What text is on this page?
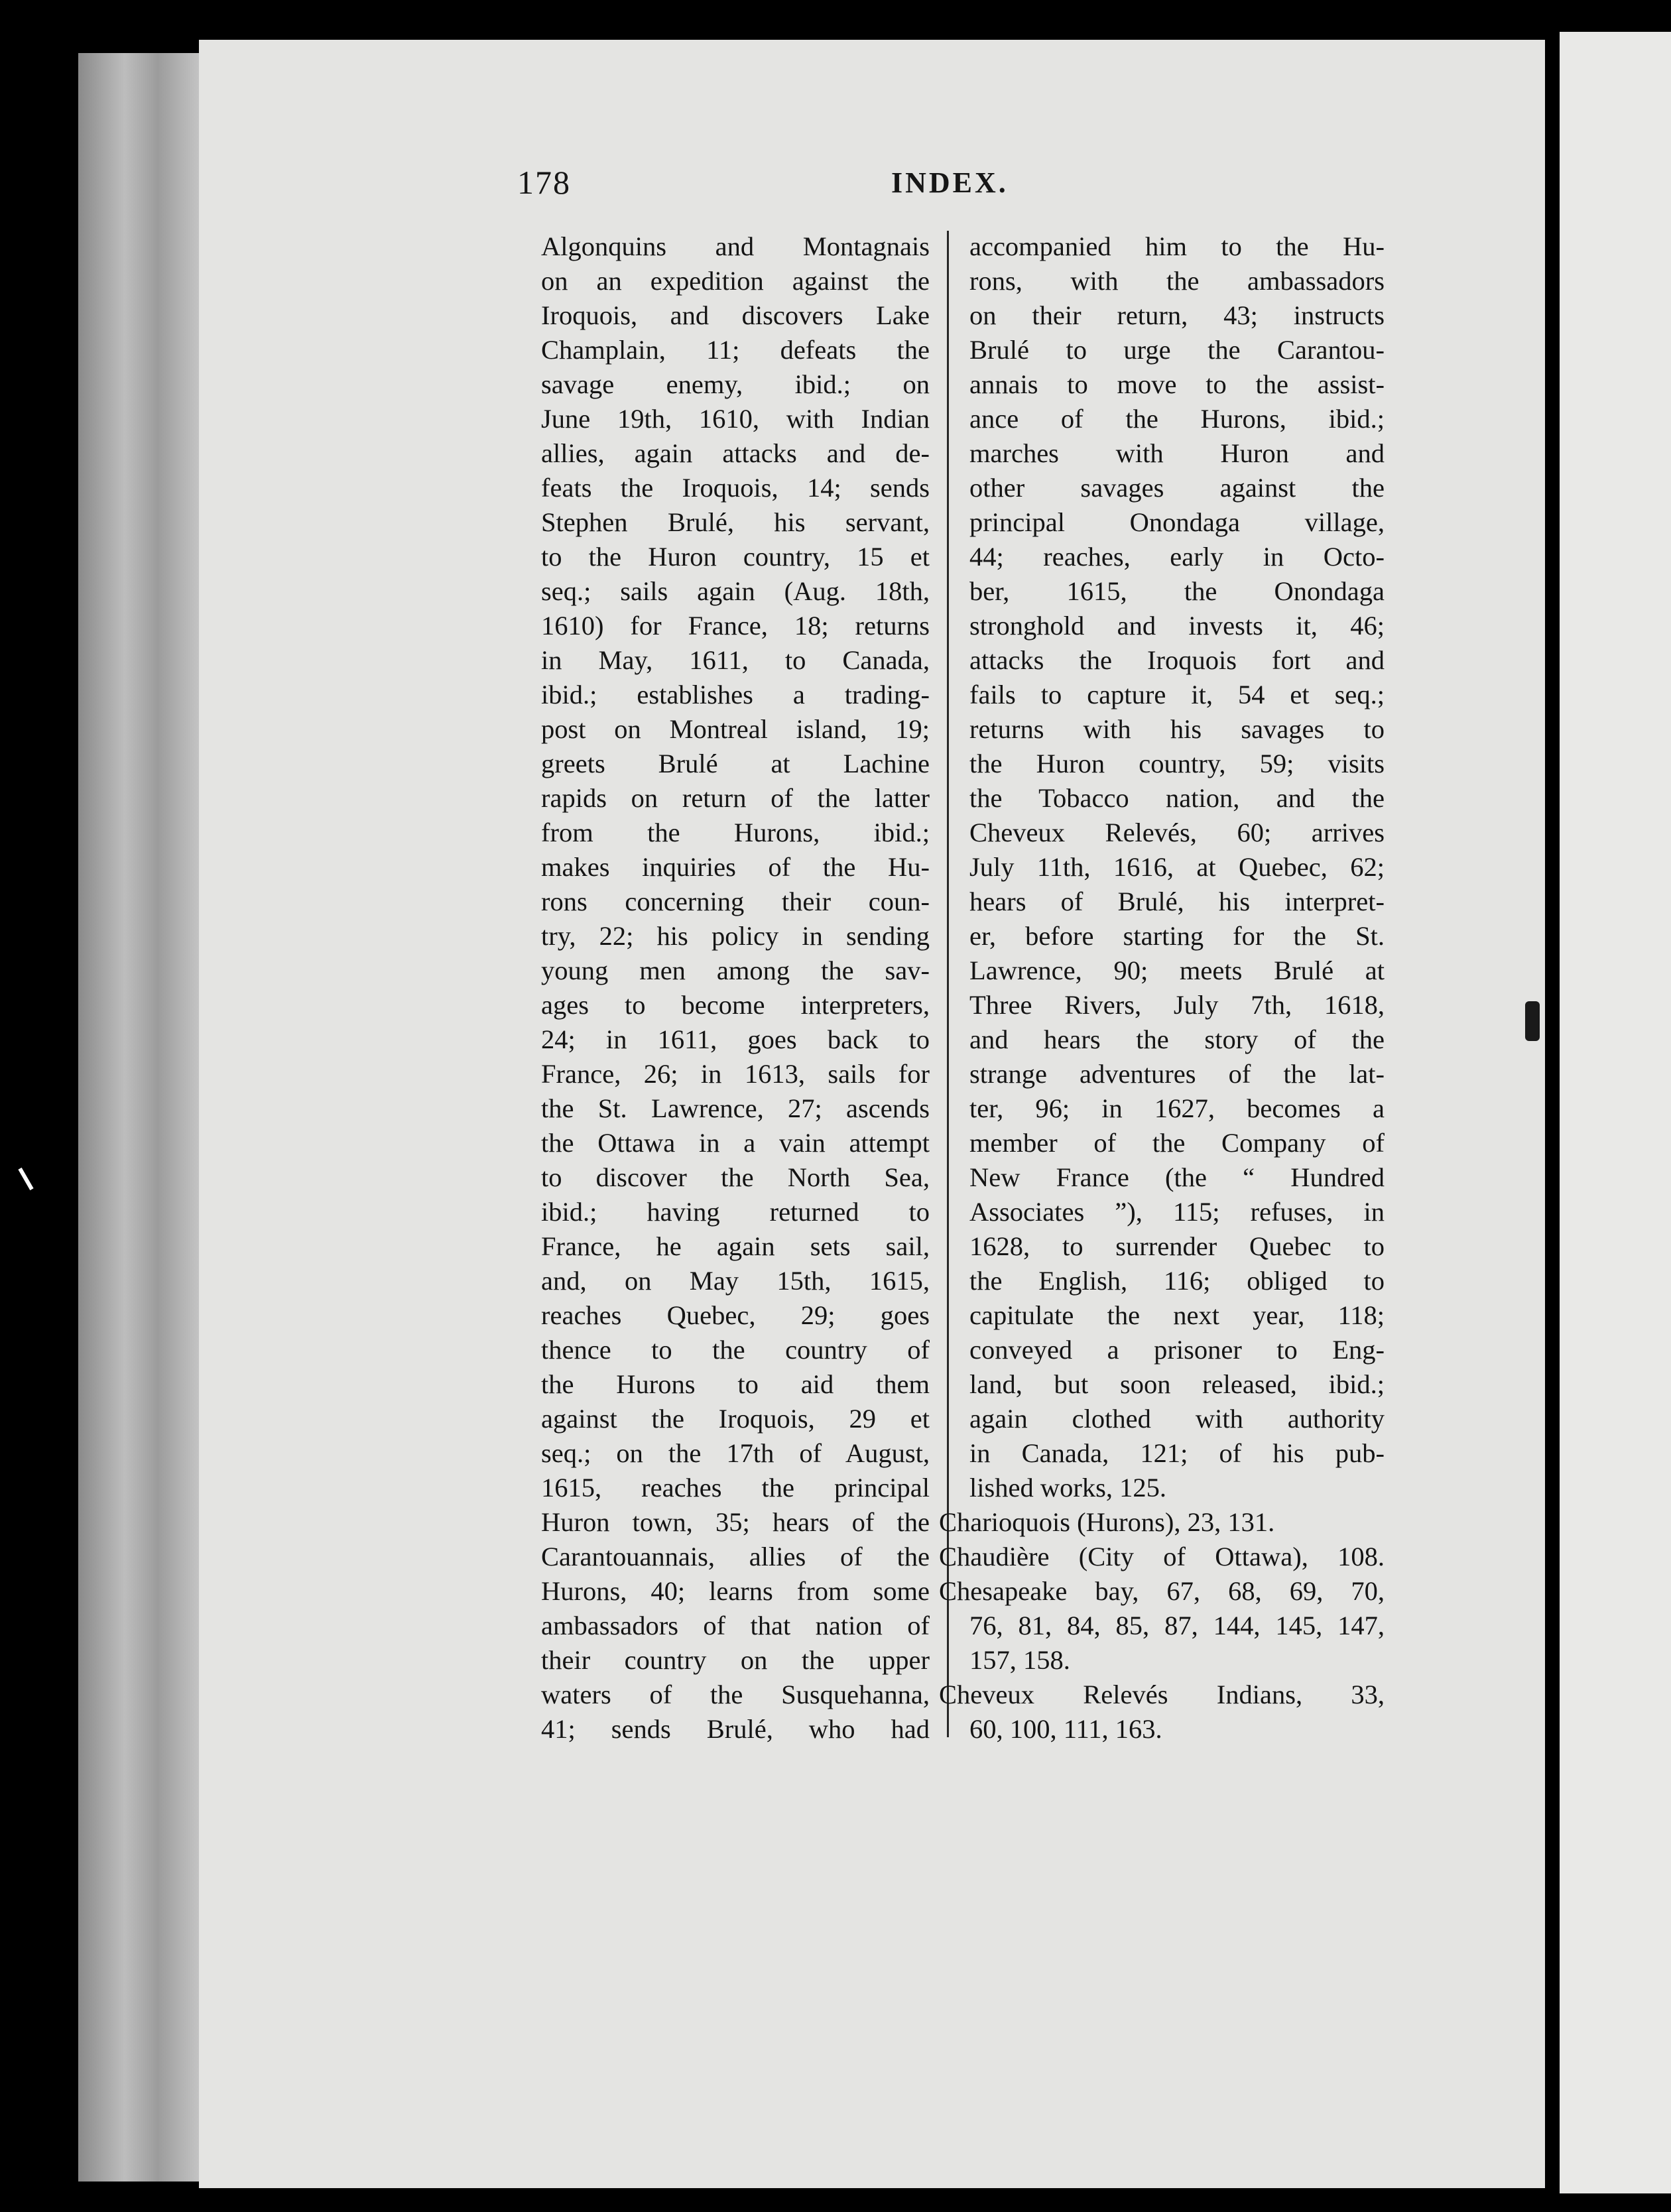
178	INDEX.
Algonquins and Montagnais
on an expedition against the
Iroquois, and discovers Lake
Champlain, 11; defeats the
savage enemy, ibid.; on
June 19th, 1610, with Indian
allies, again attacks and de-
feats the Iroquois, 14; sends
Stephen Brulé, his servant,
to the Huron country, 15 et
seq.; sails again (Aug. 18th,
1610) for France, 18; returns
in May, 1611, to Canada,
ibid.; establishes a trading-
post on Montreal island, 19;
greets Brulé at Lachine
rapids on return of the latter
from the Hurons, ibid.;
makes inquiries of the Hu-
rons concerning their coun-
try, 22; his policy in sending
young men among the sav-
ages to become interpreters,
24; in 1611, goes back to
France, 26; in 1613, sails for
the St. Lawrence, 27; ascends
the Ottawa in a vain attempt
to discover the North Sea,
ibid.; having returned to
France, he again sets sail,
and, on May 15th, 1615,
reaches Quebec, 29; goes
thence to the country of
the Hurons to aid them
against the Iroquois, 29 et
seq.; on the 17th of August,
1615, reaches the principal
Huron town, 35; hears of the
Carantouannais, allies of the
Hurons, 40; learns from some
ambassadors of that nation of
their country on the upper
waters of the Susquehanna,
41; sends Brulé, who had
accompanied him to the Hu-
rons, with the ambassadors
on their return, 43; instructs
Brulé to urge the Carantou-
annais to move to the assist-
ance of the Hurons, ibid.;
marches with Huron and
other savages against the
principal Onondaga village,
44; reaches, early in Octo-
ber, 1615, the Onondaga
stronghold and invests it, 46;
attacks the Iroquois fort and
fails to capture it, 54 et seq.;
returns with his savages to
the Huron country, 59; visits
the Tobacco nation, and the
Cheveux Relevés, 60; arrives
July 11th, 1616, at Quebec, 62;
hears of Brulé, his interpret-
er, before starting for the St.
Lawrence, 90; meets Brulé at
Three Rivers, July 7th, 1618,
and hears the story of the
strange adventures of the lat-
ter, 96; in 1627, becomes a
member of the Company of
New France (the “ Hundred
Associates ”), 115; refuses, in
1628, to surrender Quebec to
the English, 116; obliged to
capitulate the next year, 118;
conveyed a prisoner to Eng-
land, but soon released, ibid.;
again clothed with authority
in Canada, 121; of his pub-
lished works, 125.
Charioquois (Hurons), 23, 131.
Chaudière (City of Ottawa), 108.
Chesapeake bay, 67, 68, 69, 70,
76, 81, 84, 85, 87, 144, 145, 147,
157, 158.
Cheveux Relevés Indians, 33,
60, 100, 111, 163.
